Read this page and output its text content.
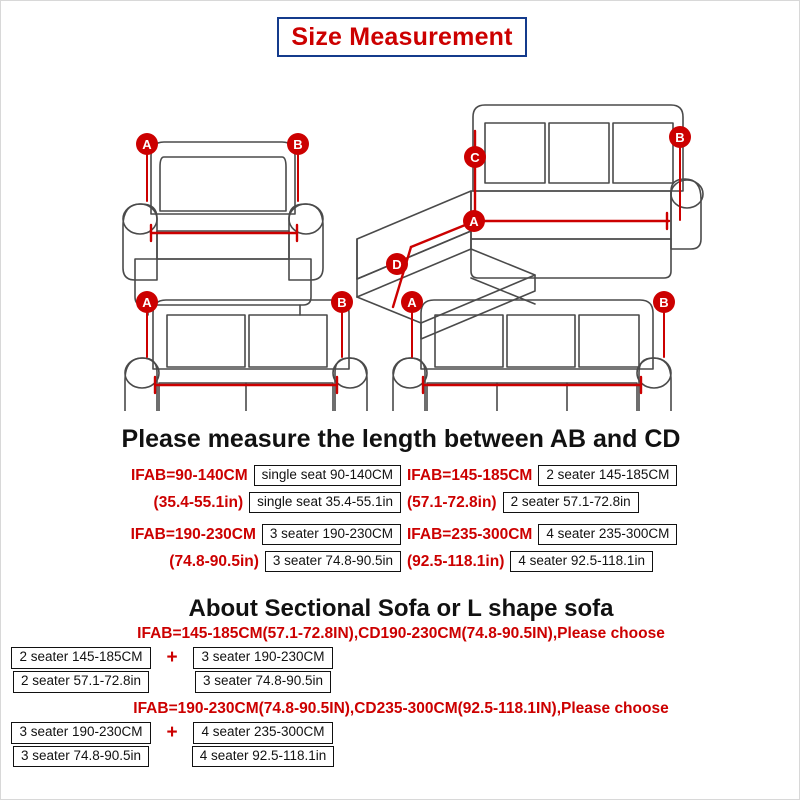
Size Measurement
A	B
C
A
B
D
A	B	A	B
Please measure the length between AB and CD
IFAB=90-140CM	single seat 90-140CM IFAB=145-185CM	2 seater 145-185CM
(35.4-55.1in)	single seat 35.4-55.1in (57.1-72.8in)	2 seater 57.1-72.8in
IFAB=190-230CM	3 seater 190-230CM IFAB=235-300CM	4 seater 235-300CM
(74.8-90.5in)	3 seater 74.8-90.5in (92.5-118.1in)	4 seater 92.5-118.1in
About Sectional Sofa or L shape sofa
IFAB=145-185CM(57.1-72.8IN),CD190-230CM(74.8-90.5IN),Please choose
2 seater 145-185CM	+	3 seater 190-230CM
2 seater 57.1-72.8in	3 seater 74.8-90.5in
IFAB=190-230CM(74.8-90.5IN),CD235-300CM(92.5-118.1IN),Please choose
3 seater 190-230CM	+	4 seater 235-300CM
3 seater 74.8-90.5in	4 seater 92.5-118.1in
